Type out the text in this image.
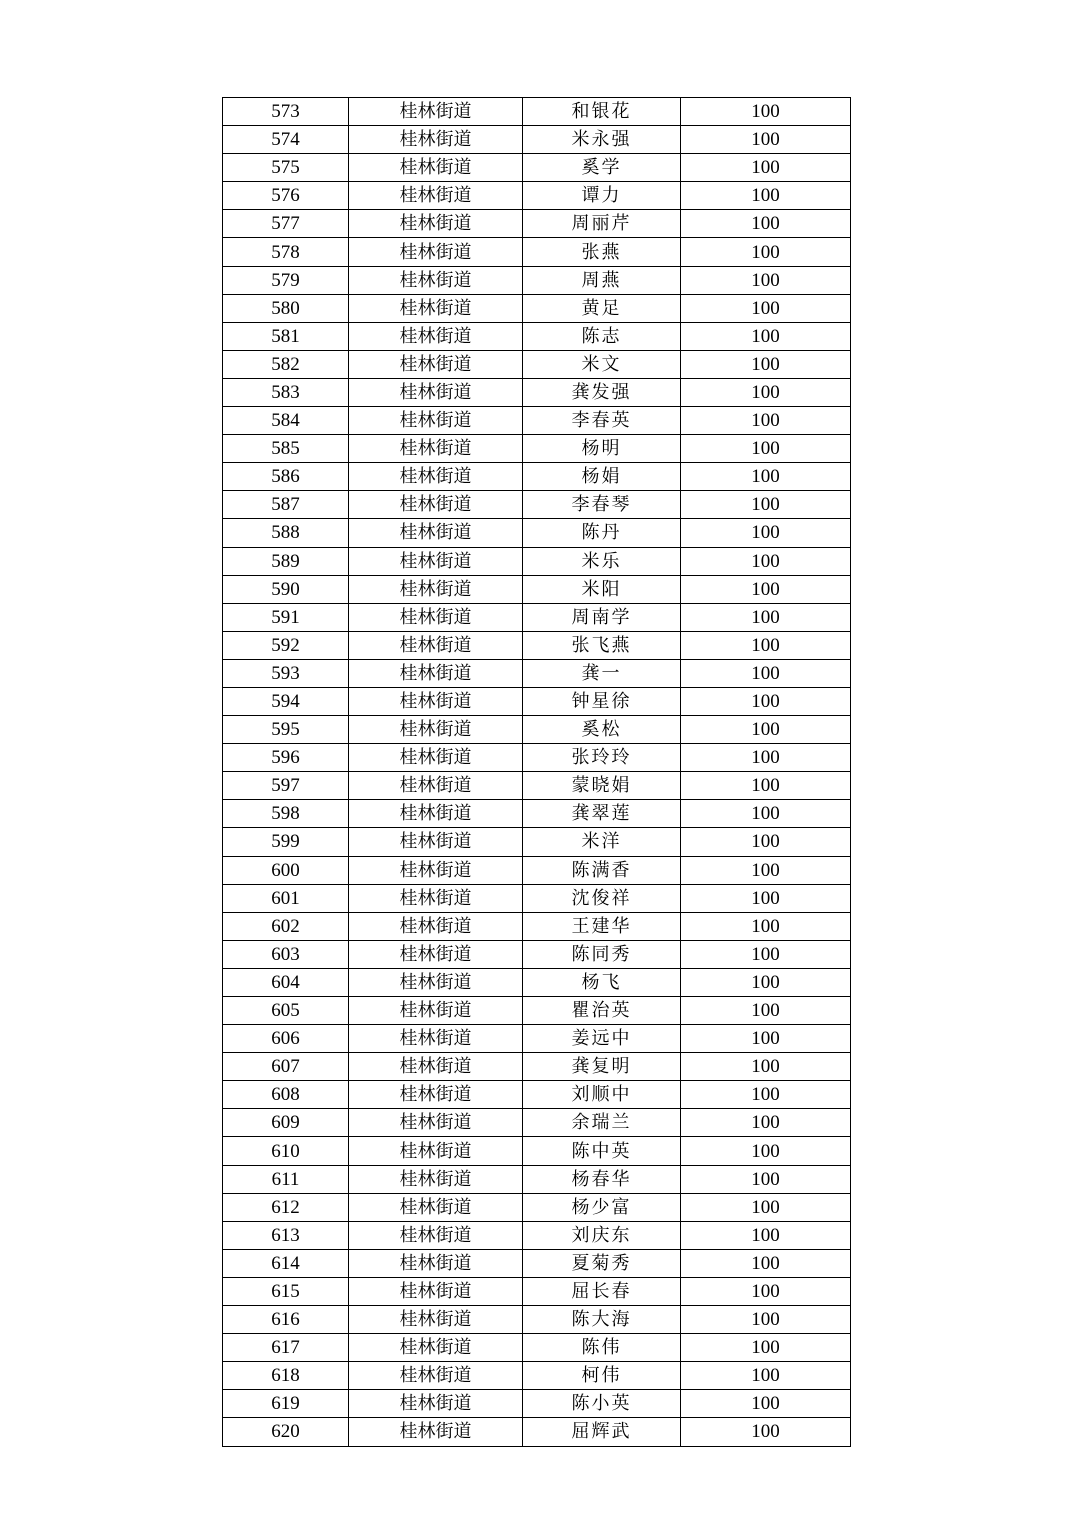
573	桂林街道	和银花	100
574	桂林街道	米永强	100
575	桂林街道	奚学	100
576	桂林街道	谭力	100
577	桂林街道	周丽芹	100
578	桂林街道	张燕	100
579	桂林街道	周燕	100
580	桂林街道	黄足	100
581	桂林街道	陈志	100
582	桂林街道	米文	100
583	桂林街道	龚发强	100
584	桂林街道	李春英	100
585	桂林街道	杨明	100
586	桂林街道	杨娟	100
587	桂林街道	李春琴	100
588	桂林街道	陈丹	100
589	桂林街道	米乐	100
590	桂林街道	米阳	100
591	桂林街道	周南学	100
592	桂林街道	张飞燕	100
593	桂林街道	龚一	100
594	桂林街道	钟星徐	100
595	桂林街道	奚松	100
596	桂林街道	张玲玲	100
597	桂林街道	蒙晓娟	100
598	桂林街道	龚翠莲	100
599	桂林街道	米洋	100
600	桂林街道	陈满香	100
601	桂林街道	沈俊祥	100
602	桂林街道	王建华	100
603	桂林街道	陈同秀	100
604	桂林街道	杨飞	100
605	桂林街道	瞿治英	100
606	桂林街道	姜远中	100
607	桂林街道	龚复明	100
608	桂林街道	刘顺中	100
609	桂林街道	余瑞兰	100
610	桂林街道	陈中英	100
611	桂林街道	杨春华	100
612	桂林街道	杨少富	100
613	桂林街道	刘庆东	100
614	桂林街道	夏菊秀	100
615	桂林街道	屈长春	100
616	桂林街道	陈大海	100
617	桂林街道	陈伟	100
618	桂林街道	柯伟	100
619	桂林街道	陈小英	100
620	桂林街道	屈辉武	100
